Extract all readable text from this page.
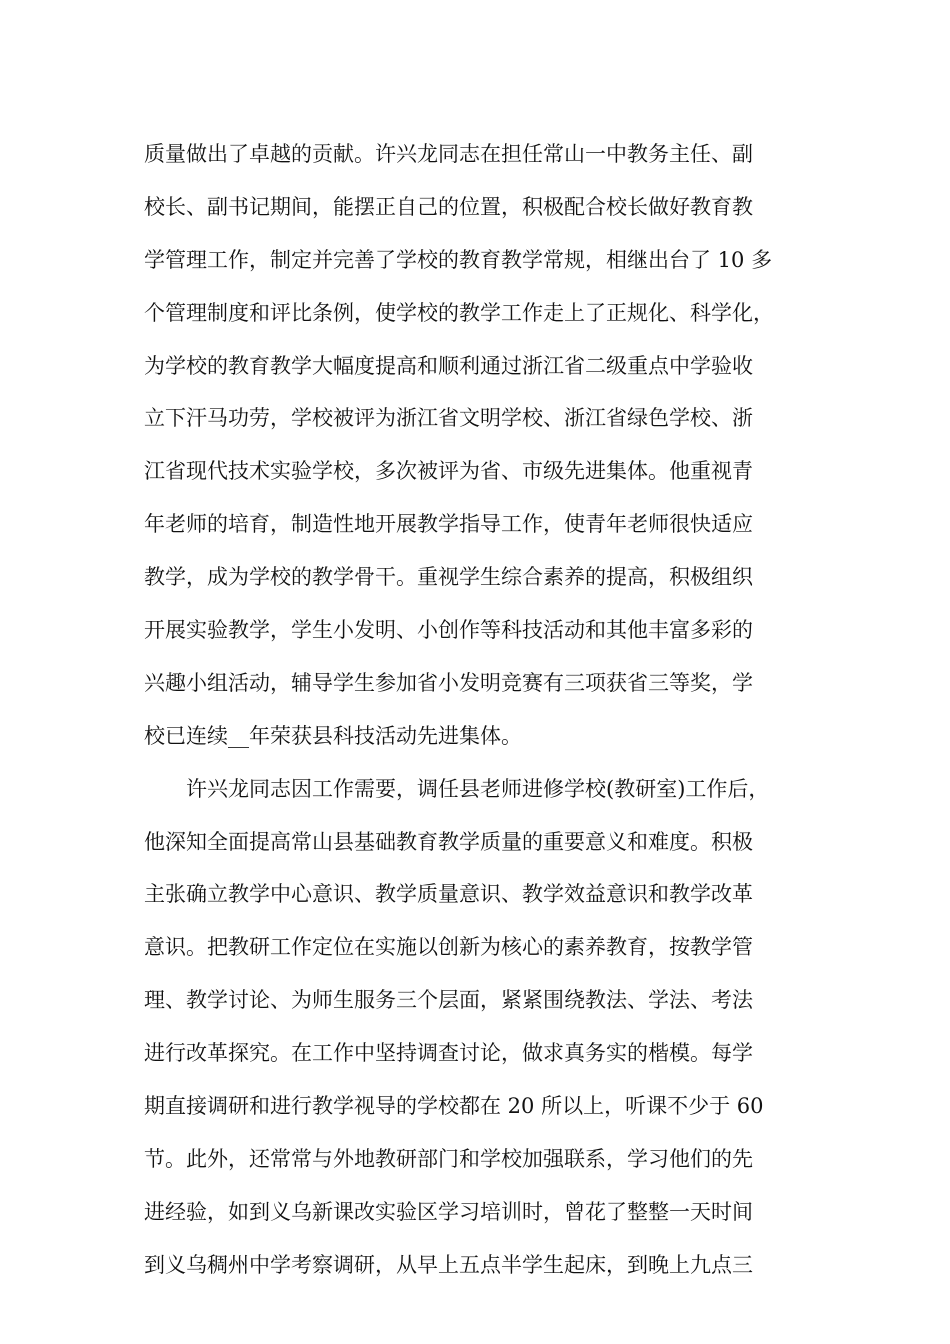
质量做出了卓越的贡献。许兴龙同志在担任常山一中教务主任、副

校长、副书记期间，能摆正自己的位置，积极配合校长做好教育教

学管理工作，制定并完善了学校的教育教学常规，相继出台了 10 多

个管理制度和评比条例，使学校的教学工作走上了正规化、科学化，

为学校的教育教学大幅度提高和顺利通过浙江省二级重点中学验收

立下汗马功劳，学校被评为浙江省文明学校、浙江省绿色学校、浙

江省现代技术实验学校，多次被评为省、市级先进集体。他重视青

年老师的培育，制造性地开展教学指导工作，使青年老师很快适应

教学，成为学校的教学骨干。重视学生综合素养的提高，积极组织

开展实验教学，学生小发明、小创作等科技活动和其他丰富多彩的

兴趣小组活动，辅导学生参加省小发明竞赛有三项获省三等奖，学

校已连续__年荣获县科技活动先进集体。

　　许兴龙同志因工作需要，调任县老师进修学校(教研室)工作后，

他深知全面提高常山县基础教育教学质量的重要意义和难度。积极

主张确立教学中心意识、教学质量意识、教学效益意识和教学改革

意识。把教研工作定位在实施以创新为核心的素养教育，按教学管

理、教学讨论、为师生服务三个层面，紧紧围绕教法、学法、考法

进行改革探究。在工作中坚持调查讨论，做求真务实的楷模。每学

期直接调研和进行教学视导的学校都在 20 所以上，听课不少于 60

节。此外，还常常与外地教研部门和学校加强联系，学习他们的先

进经验，如到义乌新课改实验区学习培训时，曾花了整整一天时间

到义乌稠州中学考察调研，从早上五点半学生起床，到晚上九点三
